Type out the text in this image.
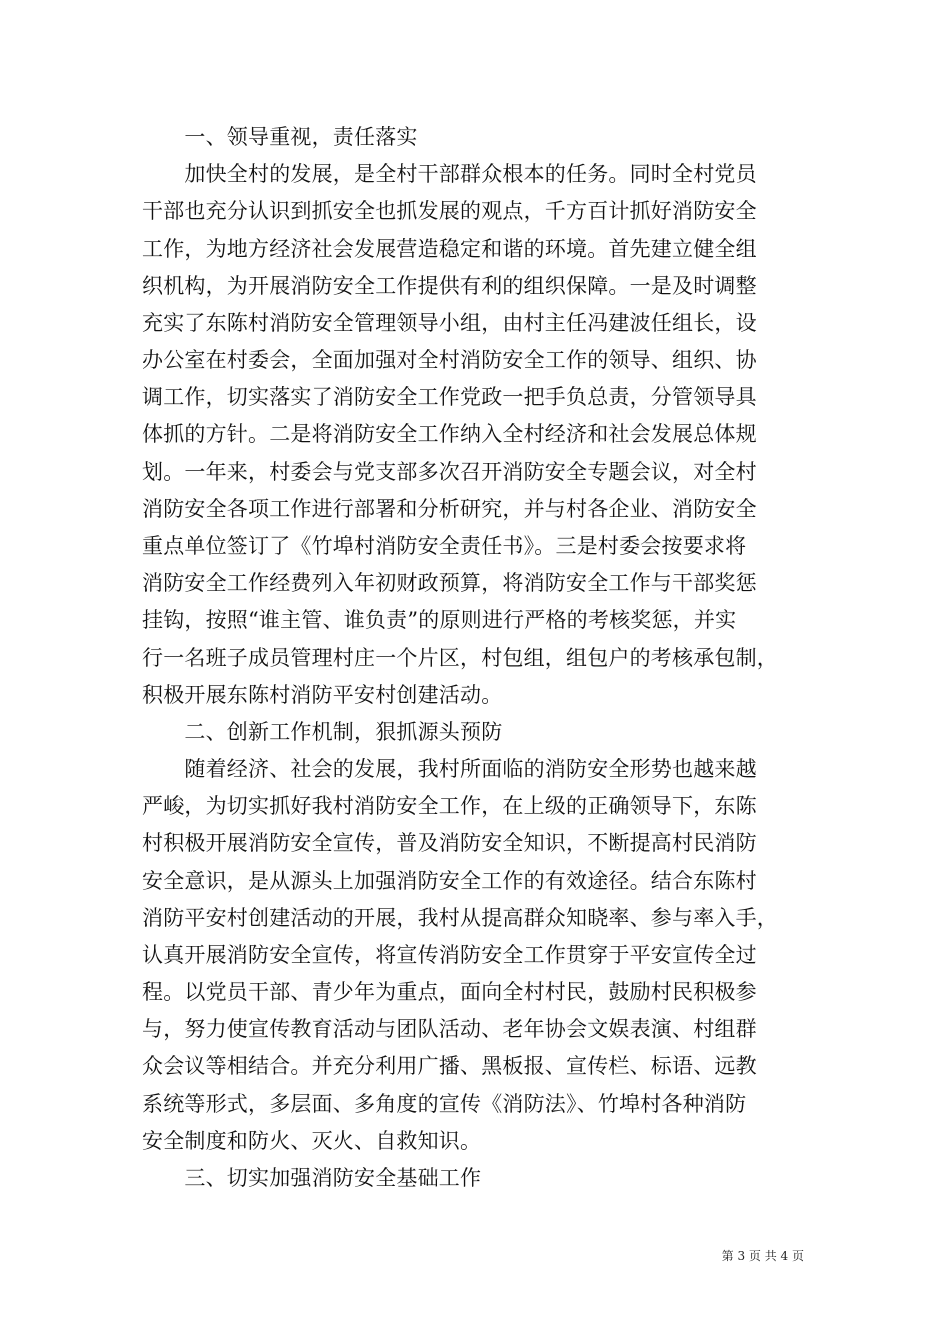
　　一、领导重视，责任落实
　　加快全村的发展，是全村干部群众根本的任务。同时全村党员
干部也充分认识到抓安全也抓发展的观点，千方百计抓好消防安全
工作，为地方经济社会发展营造稳定和谐的环境。首先建立健全组
织机构，为开展消防安全工作提供有利的组织保障。一是及时调整
充实了东陈村消防安全管理领导小组，由村主任冯建波任组长，设
办公室在村委会，全面加强对全村消防安全工作的领导、组织、协
调工作，切实落实了消防安全工作党政一把手负总责，分管领导具
体抓的方针。二是将消防安全工作纳入全村经济和社会发展总体规
划。一年来，村委会与党支部多次召开消防安全专题会议，对全村
消防安全各项工作进行部署和分析研究，并与村各企业、消防安全
重点单位签订了《竹埠村消防安全责任书》。三是村委会按要求将
消防安全工作经费列入年初财政预算，将消防安全工作与干部奖惩
挂钩，按照“谁主管、谁负责”的原则进行严格的考核奖惩，并实
行一名班子成员管理村庄一个片区，村包组，组包户的考核承包制，
积极开展东陈村消防平安村创建活动。
　　二、创新工作机制，狠抓源头预防
　　随着经济、社会的发展，我村所面临的消防安全形势也越来越
严峻，为切实抓好我村消防安全工作，在上级的正确领导下，东陈
村积极开展消防安全宣传，普及消防安全知识，不断提高村民消防
安全意识，是从源头上加强消防安全工作的有效途径。结合东陈村
消防平安村创建活动的开展，我村从提高群众知晓率、参与率入手，
认真开展消防安全宣传，将宣传消防安全工作贯穿于平安宣传全过
程。以党员干部、青少年为重点，面向全村村民，鼓励村民积极参
与，努力使宣传教育活动与团队活动、老年协会文娱表演、村组群
众会议等相结合。并充分利用广播、黑板报、宣传栏、标语、远教
系统等形式，多层面、多角度的宣传《消防法》、竹埠村各种消防
安全制度和防火、灭火、自救知识。
　　三、切实加强消防安全基础工作
第 3 页 共 4 页
